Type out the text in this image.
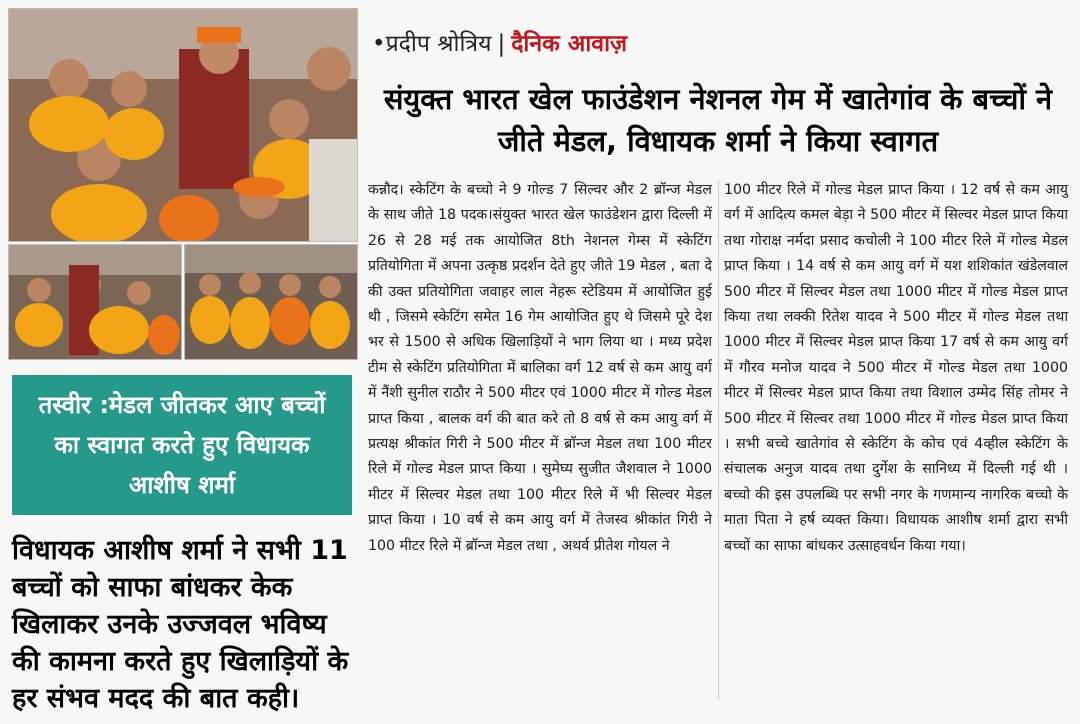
तस्वीर :मेडल जीतकर आए बच्चों का स्वागत करते हुए विधायक आशीष शर्मा

विधायक आशीष शर्मा ने सभी 11 बच्चों को साफा बांधकर केक खिलाकर उनके उज्जवल भविष्य की कामना करते हुए खिलाड़ियों के हर संभव मदद की बात कही।

•प्रदीप श्रोत्रिय | दैनिक आवाज़
संयुक्त भारत खेल फाउंडेशन नेशनल गेम में खातेगांव के बच्चों ने जीते मेडल, विधायक शर्मा ने किया स्वागत

कन्नौद। स्केटिंग के बच्चो ने 9 गोल्ड 7 सिल्वर और 2 ब्रॉन्ज मेडल के साथ जीते 18 पदक।संयुक्त भारत खेल फाउंडेशन द्वारा दिल्ली में 26 से 28 मई तक आयोजित 8th नेशनल गेम्स में स्केटिंग प्रतियोगिता में अपना उत्कृष्ठ प्रदर्शन देते हुए जीते 19 मेडल , बता दे की उक्त प्रतियोगिता जवाहर लाल नेहरू स्टेडियम में आयोजित हुई थी , जिसमे स्केटिंग समेत 16 गेम आयोजित हुए थे जिसमे पूरे देश भर से 1500 से अधिक खिलाड़ियों ने भाग लिया था । मध्य प्रदेश टीम से स्केटिंग प्रतियोगिता में बालिका वर्ग 12 वर्ष से कम आयु वर्ग में नैंशी सुनील राठौर ने 500 मीटर एवं 1000 मीटर में गोल्ड मेडल प्राप्त किया , बालक वर्ग की बात करे तो 8 वर्ष से कम आयु वर्ग में प्रत्यक्ष श्रीकांत गिरी ने 500 मीटर में ब्रॉन्ज मेडल तथा 100 मीटर रिले में गोल्ड मेडल प्राप्त किया । सुमेघ्य सुजीत जैशवाल ने 1000 मीटर में सिल्वर मेडल तथा 100 मीटर रिले में भी सिल्वर मेडल प्राप्त किया । 10 वर्ष से कम आयु वर्ग में तेजस्व श्रीकांत गिरी ने 100 मीटर रिले में ब्रॉन्ज मेडल तथा , अथर्व प्रीतेश गोयल ने

100 मीटर रिले में गोल्ड मेडल प्राप्त किया । 12 वर्ष से कम आयु वर्ग में आदित्य कमल बेड़ा ने 500 मीटर में सिल्वर मेडल प्राप्त किया तथा गोराक्ष नर्मदा प्रसाद कचोली ने 100 मीटर रिले में गोल्ड मेडल प्राप्त किया । 14 वर्ष से कम आयु वर्ग में यश शशिकांत खंडेलवाल 500 मीटर में सिल्वर मेडल तथा 1000 मीटर में गोल्ड मेडल प्राप्त किया तथा लक्की रितेश यादव ने 500 मीटर में गोल्ड मेडल तथा 1000 मीटर में सिल्वर मेडल प्राप्त किया 17 वर्ष से कम आयु वर्ग में गौरव मनोज यादव ने 500 मीटर में गोल्ड मेडल तथा 1000 मीटर में सिल्वर मेडल प्राप्त किया तथा विशाल उम्मेद सिंह तोमर ने 500 मीटर में सिल्वर तथा 1000 मीटर में गोल्ड मेडल प्राप्त किया । सभी बच्चे खातेगांव से स्केटिंग के कोच एवं 4व्हील स्केटिंग के संचालक अनुज यादव तथा दुर्गेश के सानिध्य में दिल्ली गई थी । बच्चो की इस उपलब्धि पर सभी नगर के गणमान्य नागरिक बच्चो के माता पिता ने हर्ष व्यक्त किया। विधायक आशीष शर्मा द्वारा सभी बच्चों का साफा बांधकर उत्साहवर्धन किया गया।
